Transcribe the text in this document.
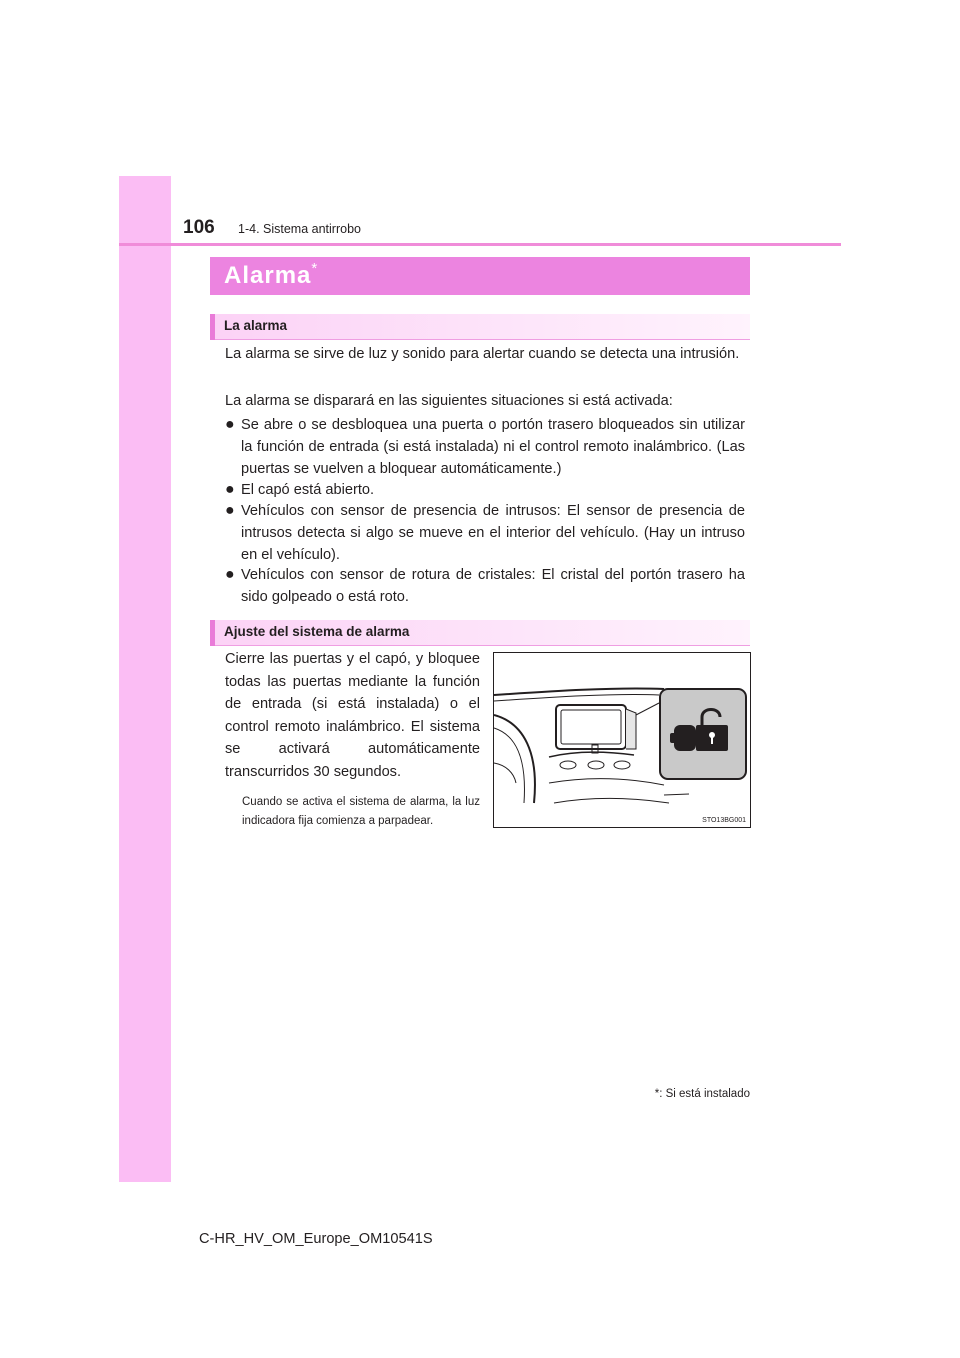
106 1-4. Sistema antirrobo
Alarma *
La alarma
La alarma se sirve de luz y sonido para alertar cuando se detecta una intrusión.
La alarma se disparará en las siguientes situaciones si está activada:
● Se abre o se desbloquea una puerta o portón trasero bloqueados sin utilizar la función de entrada (si está instalada) ni el control remoto inalámbrico. (Las puertas se vuelven a bloquear automáticamente.)
● El capó está abierto.
● Vehículos con sensor de presencia de intrusos: El sensor de presencia de intrusos detecta si algo se mueve en el interior del vehículo. (Hay un intruso en el vehículo).
● Vehículos con sensor de rotura de cristales: El cristal del portón trasero ha sido golpeado o está roto.
Ajuste del sistema de alarma
Cierre las puertas y el capó, y bloquee todas las puertas mediante la función de entrada (si está instalada) o el control remoto inalámbrico. El sistema se activará automáticamente transcurridos 30 segundos.
Cuando se activa el sistema de alarma, la luz indicadora fija comienza a parpadear.	STO13BG001
*: Si está instalado
C-HR_HV_OM_Europe_OM10541S
